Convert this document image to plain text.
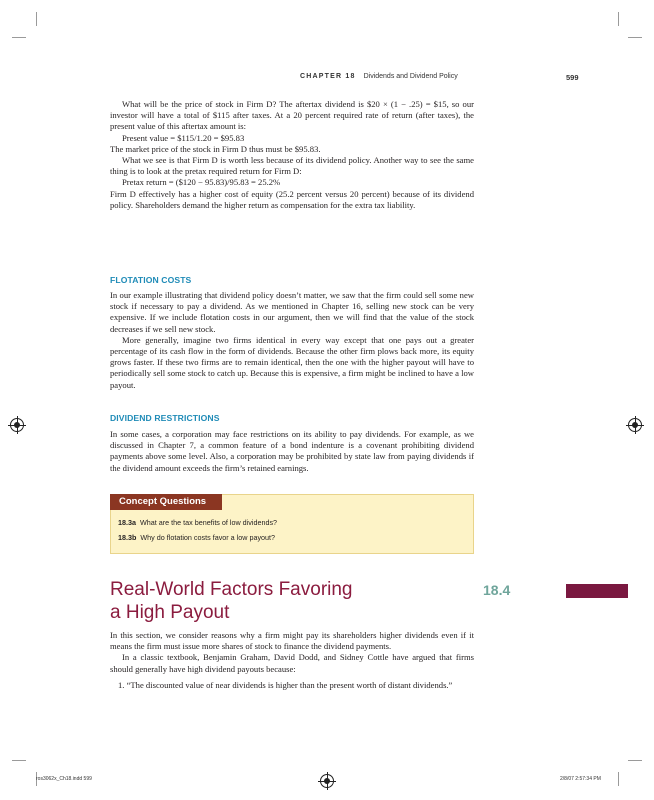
CHAPTER 18 Dividends and Dividend Policy	599

What will be the price of stock in Firm D? The aftertax dividend is $20 × (1 − .25) = $15, so our investor will have a total of $115 after taxes. At a 20 percent required rate of return (after taxes), the present value of this aftertax amount is:

Present value = $115/1.20 = $95.83

The market price of the stock in Firm D thus must be $95.83.

What we see is that Firm D is worth less because of its dividend policy. Another way to see the same thing is to look at the pretax required return for Firm D:

Pretax return = ($120 − 95.83)/95.83 = 25.2%

Firm D effectively has a higher cost of equity (25.2 percent versus 20 percent) because of its dividend policy. Shareholders demand the higher return as compensation for the extra tax liability.

FLOTATION COSTS

In our example illustrating that dividend policy doesn’t matter, we saw that the firm could sell some new stock if necessary to pay a dividend. As we mentioned in Chapter 16, selling new stock can be very expensive. If we include flotation costs in our argument, then we will find that the value of the stock decreases if we sell new stock.

More generally, imagine two firms identical in every way except that one pays out a greater percentage of its cash flow in the form of dividends. Because the other firm plows back more, its equity grows faster. If these two firms are to remain identical, then the one with the higher payout will have to periodically sell some stock to catch up. Because this is expensive, a firm might be inclined to have a low payout.

DIVIDEND RESTRICTIONS

In some cases, a corporation may face restrictions on its ability to pay dividends. For example, as we discussed in Chapter 7, a common feature of a bond indenture is a covenant prohibiting dividend payments above some level. Also, a corporation may be prohibited by state law from paying dividends if the dividend amount exceeds the firm’s retained earnings.

Concept Questions
18.3a What are the tax benefits of low dividends?
18.3b Why do flotation costs favor a low payout?
Real-World Factors Favoring
a High Payout
18.4

In this section, we consider reasons why a firm might pay its shareholders higher dividends even if it means the firm must issue more shares of stock to finance the dividend payments.

In a classic textbook, Benjamin Graham, David Dodd, and Sidney Cottle have argued that firms should generally have high dividend payouts because:

1. “The discounted value of near dividends is higher than the present worth of distant dividends.”

ros3062x_Ch18.indd 599	2/8/07 2:57:34 PM
